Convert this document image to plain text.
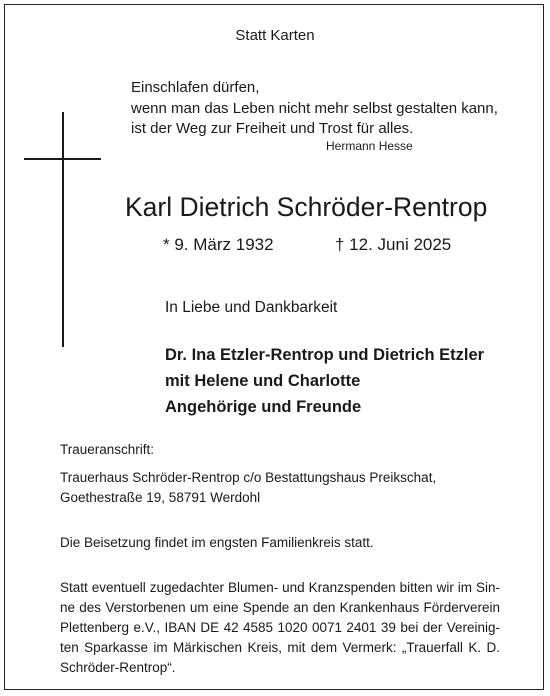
Statt Karten
Einschlafen dürfen,
wenn man das Leben nicht mehr selbst gestalten kann,
ist der Weg zur Freiheit und Trost für alles.
Hermann Hesse
Karl Dietrich Schröder-Rentrop
* 9. März 1932	† 12. Juni 2025
In Liebe und Dankbarkeit
Dr. Ina Etzler-Rentrop und Dietrich Etzler
mit Helene und Charlotte
Angehörige und Freunde
Traueranschrift:
Trauerhaus Schröder-Rentrop c/o Bestattungshaus Preikschat,
Goethestraße 19, 58791 Werdohl
Die Beisetzung findet im engsten Familienkreis statt.
Statt eventuell zugedachter Blumen- und Kranzspenden bitten wir im Sin-
ne des Verstorbenen um eine Spende an den Krankenhaus Förderverein
Plettenberg e.V., IBAN DE 42 4585 1020 0071 2401 39 bei der Vereinig-
ten Sparkasse im Märkischen Kreis, mit dem Vermerk: „Trauerfall K. D.
Schröder-Rentrop“.
